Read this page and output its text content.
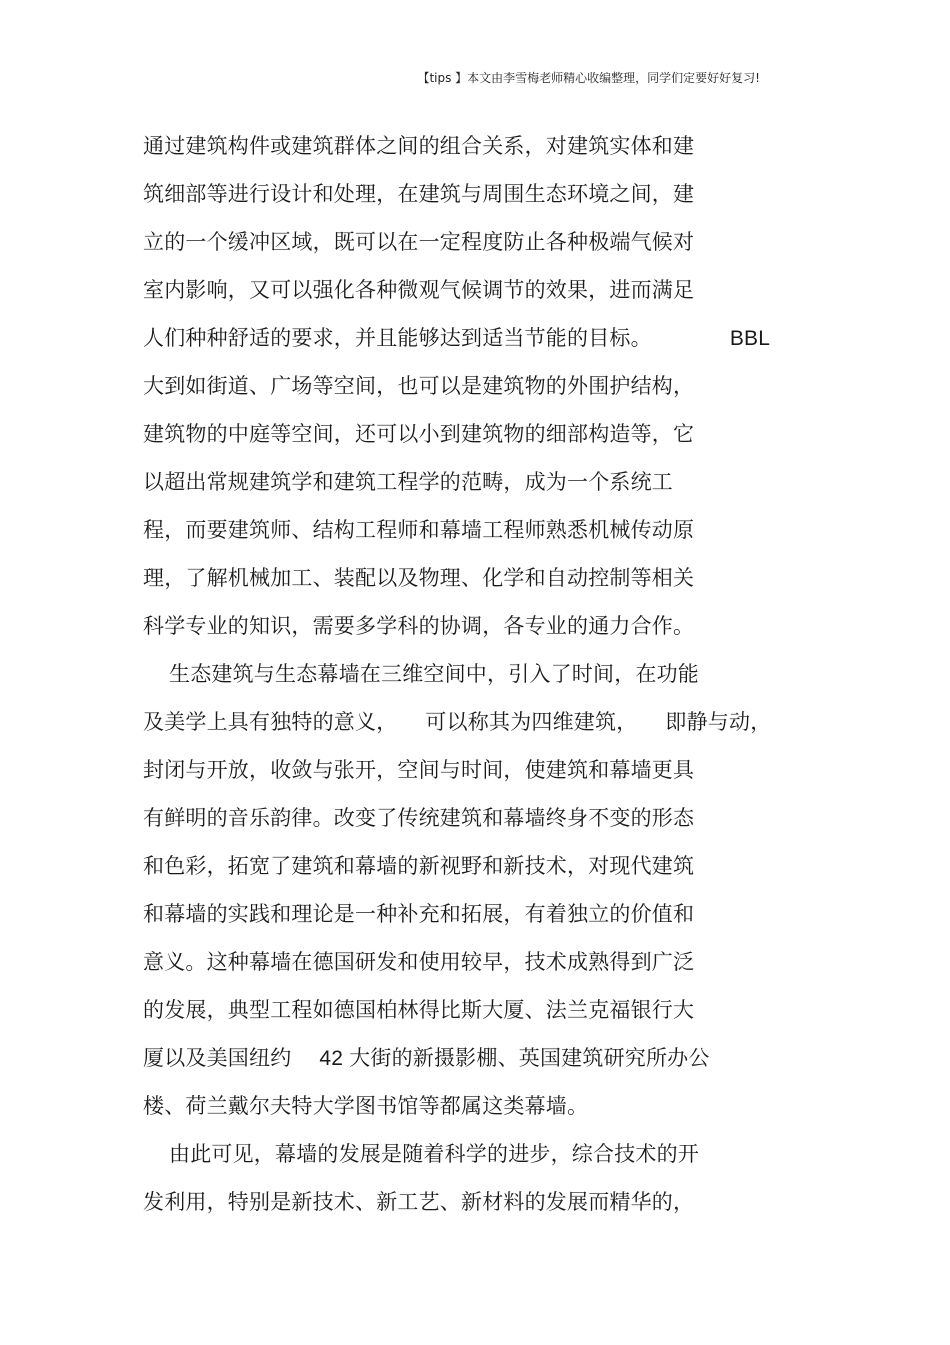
【tips 】本文由李雪梅老师精心收编整理，同学们定要好好复习!
通过建筑构件或建筑群体之间的组合关系，对建筑实体和建
筑细部等进行设计和处理，在建筑与周围生态环境之间，建
立的一个缓冲区域，既可以在一定程度防止各种极端气候对
室内影响，又可以强化各种微观气候调节的效果，进而满足
人们种种舒适的要求，并且能够达到适当节能的目标。	BBL
大到如街道、广场等空间，也可以是建筑物的外围护结构，
建筑物的中庭等空间，还可以小到建筑物的细部构造等，它
以超出常规建筑学和建筑工程学的范畴，成为一个系统工
程，而要建筑师、结构工程师和幕墙工程师熟悉机械传动原
理，了解机械加工、装配以及物理、化学和自动控制等相关
科学专业的知识，需要多学科的协调，各专业的通力合作。
生态建筑与生态幕墙在三维空间中，引入了时间，在功能
及美学上具有独特的意义， 可以称其为四维建筑， 即静与动，
封闭与开放，收敛与张开，空间与时间，使建筑和幕墙更具
有鲜明的音乐韵律。改变了传统建筑和幕墙终身不变的形态
和色彩，拓宽了建筑和幕墙的新视野和新技术，对现代建筑
和幕墙的实践和理论是一种补充和拓展，有着独立的价值和
意义。这种幕墙在德国研发和使用较早，技术成熟得到广泛
的发展，典型工程如德国柏林得比斯大厦、法兰克福银行大
厦以及美国纽约 42 大街的新摄影棚、英国建筑研究所办公
楼、荷兰戴尔夫特大学图书馆等都属这类幕墙。
由此可见，幕墙的发展是随着科学的进步，综合技术的开
发利用，特别是新技术、新工艺、新材料的发展而精华的，
